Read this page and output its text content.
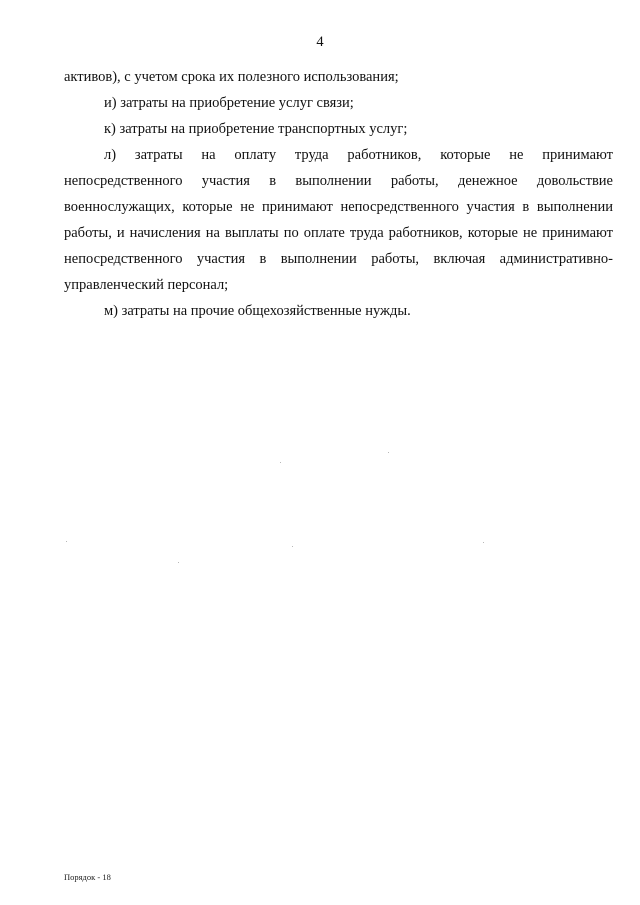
4

активов), с учетом срока их полезного использования;

и) затраты на приобретение услуг связи;

к) затраты на приобретение транспортных услуг;

л) затраты на оплату труда работников, которые не принимают непосредственного участия в выполнении работы, денежное довольствие военнослужащих, которые не принимают непосредственного участия в выполнении работы, и начисления на выплаты по оплате труда работников, которые не принимают непосредственного участия в выполнении работы, включая административно-управленческий персонал;

м) затраты на прочие общехозяйственные нужды.

Порядок - 18
